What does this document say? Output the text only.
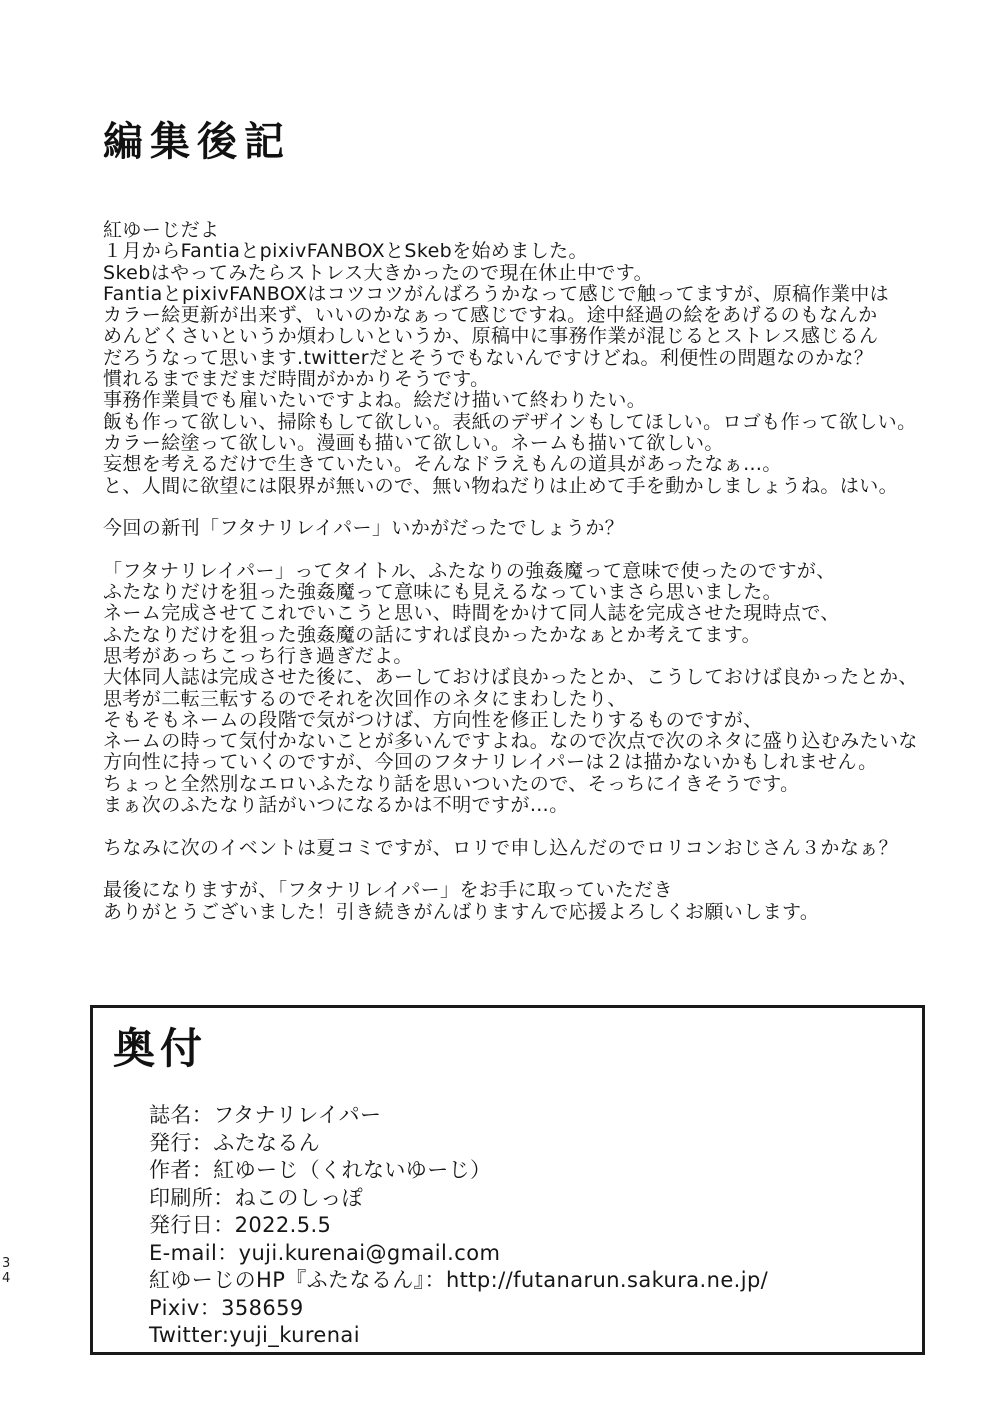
編集後記
紅ゆーじだよ
１月からFantiaとpixivFANBOXとSkebを始めました。
Skebはやってみたらストレス大きかったので現在休止中です。
FantiaとpixivFANBOXはコツコツがんばろうかなって感じで触ってますが、原稿作業中は
カラー絵更新が出来ず、いいのかなぁって感じですね。途中経過の絵をあげるのもなんか
めんどくさいというか煩わしいというか、原稿中に事務作業が混じるとストレス感じるん
だろうなって思います.twitterだとそうでもないんですけどね。利便性の問題なのかな？
慣れるまでまだまだ時間がかかりそうです。
事務作業員でも雇いたいですよね。絵だけ描いて終わりたい。
飯も作って欲しい、掃除もして欲しい。表紙のデザインもしてほしい。ロゴも作って欲しい。
カラー絵塗って欲しい。漫画も描いて欲しい。ネームも描いて欲しい。
妄想を考えるだけで生きていたい。そんなドラえもんの道具があったなぁ…。
と、人間に欲望には限界が無いので、無い物ねだりは止めて手を動かしましょうね。はい。
今回の新刊「フタナリレイパー」いかがだったでしょうか？
「フタナリレイパー」ってタイトル、ふたなりの強姦魔って意味で使ったのですが、
ふたなりだけを狙った強姦魔って意味にも見えるなっていまさら思いました。
ネーム完成させてこれでいこうと思い、時間をかけて同人誌を完成させた現時点で、
ふたなりだけを狙った強姦魔の話にすれば良かったかなぁとか考えてます。
思考があっちこっち行き過ぎだよ。
大体同人誌は完成させた後に、あーしておけば良かったとか、こうしておけば良かったとか、
思考が二転三転するのでそれを次回作のネタにまわしたり、
そもそもネームの段階で気がつけば、方向性を修正したりするものですが、
ネームの時って気付かないことが多いんですよね。なので次点で次のネタに盛り込むみたいな
方向性に持っていくのですが、今回のフタナリレイパーは２は描かないかもしれません。
ちょっと全然別なエロいふたなり話を思いついたので、そっちにイきそうです。
まぁ次のふたなり話がいつになるかは不明ですが…。
ちなみに次のイベントは夏コミですが、ロリで申し込んだのでロリコンおじさん３かなぁ？
最後になりますが、「フタナリレイパー」をお手に取っていただき
ありがとうございました！引き続きがんばりますんで応援よろしくお願いします。
奥付
誌名：フタナリレイパー
発行：ふたなるん
作者：紅ゆーじ（くれないゆーじ）
印刷所：ねこのしっぽ
発行日：2022.5.5
E-mail：yuji.kurenai@gmail.com
紅ゆーじのHP『ふたなるん』：http://futanarun.sakura.ne.jp/
Pixiv：358659
Twitter:yuji_kurenai
3
4
